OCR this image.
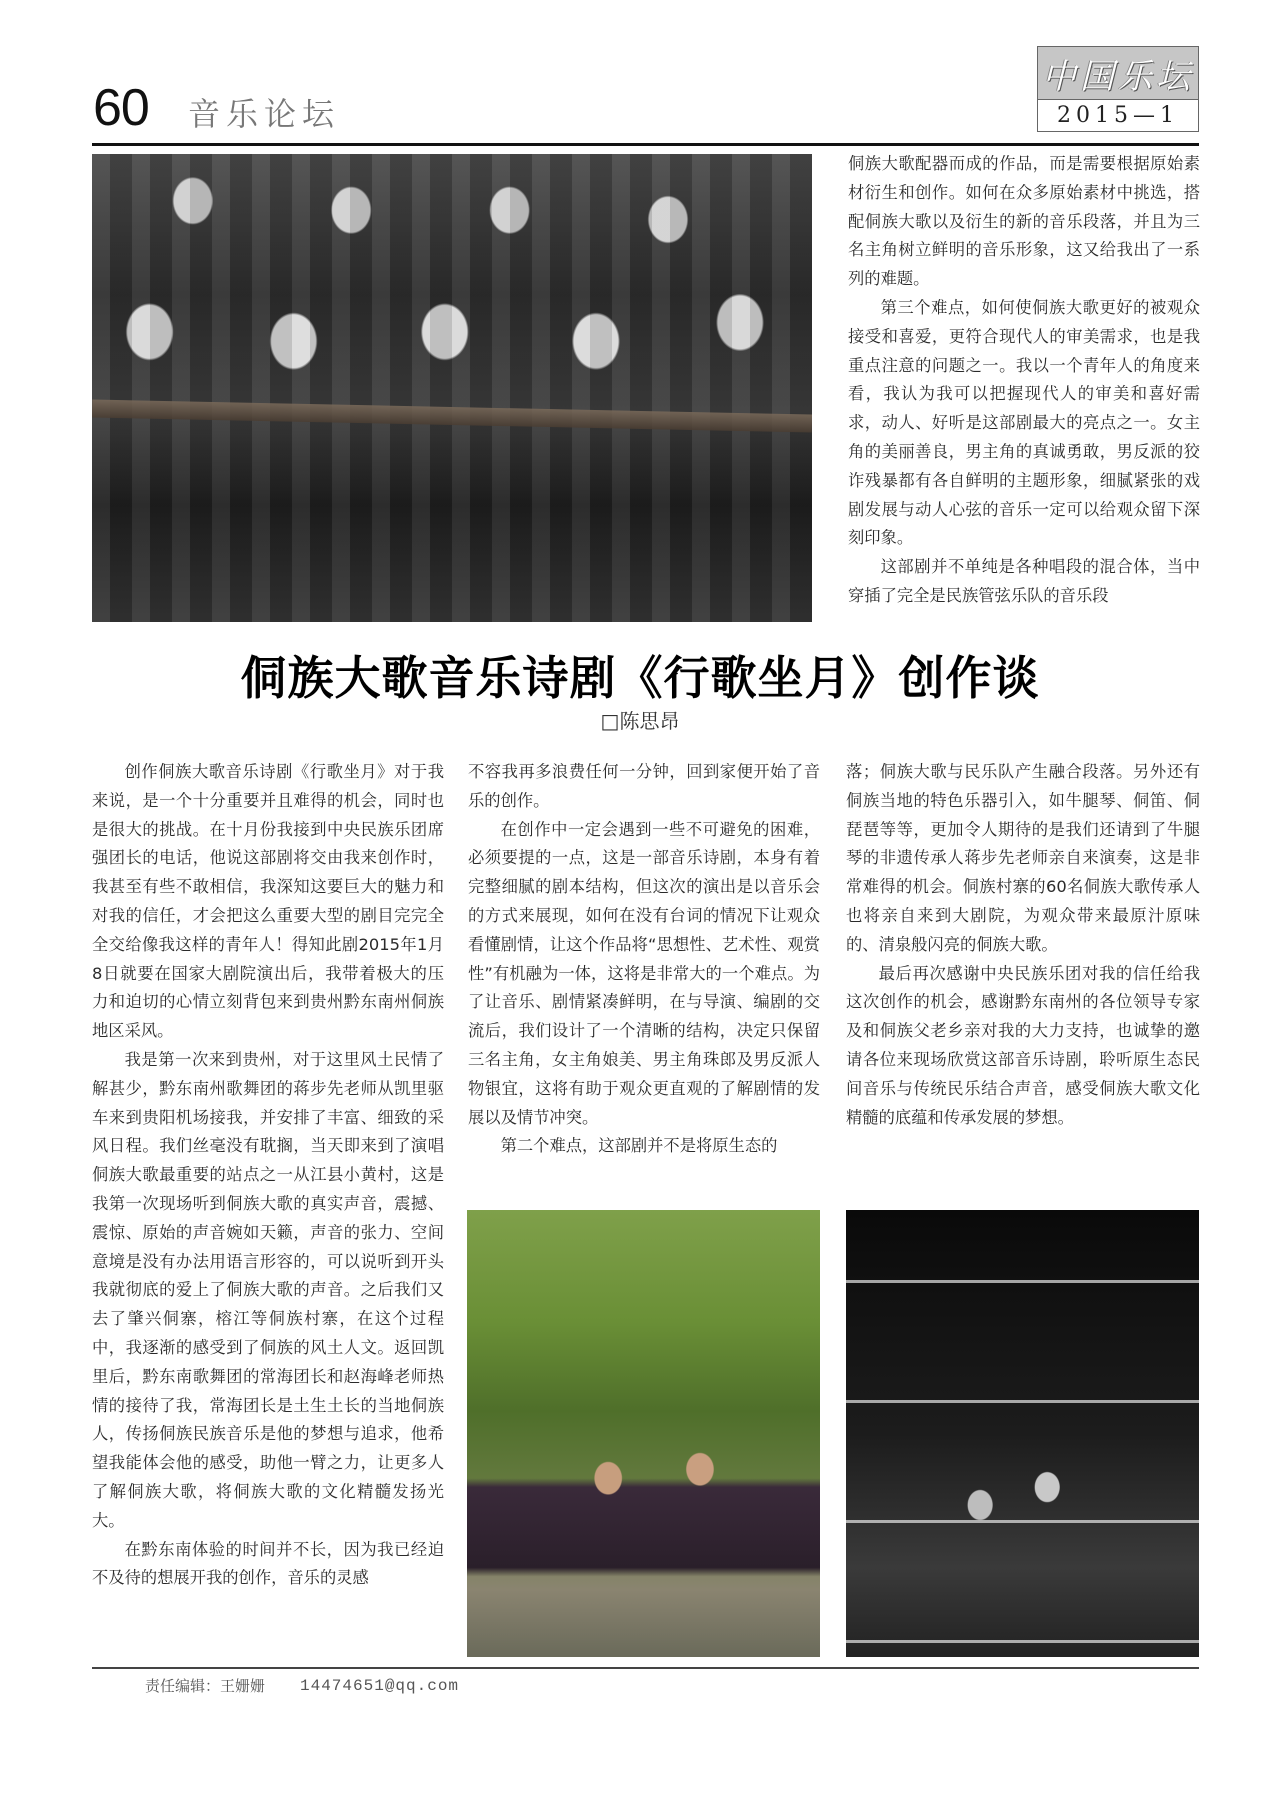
60 音乐论坛
中国乐坛
2015—1

侗族大歌配器而成的作品，而是需要根据原始素材衍生和创作。如何在众多原始素材中挑选，搭配侗族大歌以及衍生的新的音乐段落，并且为三名主角树立鲜明的音乐形象，这又给我出了一系列的难题。

第三个难点，如何使侗族大歌更好的被观众接受和喜爱，更符合现代人的审美需求，也是我重点注意的问题之一。我以一个青年人的角度来看，我认为我可以把握现代人的审美和喜好需求，动人、好听是这部剧最大的亮点之一。女主角的美丽善良，男主角的真诚勇敢，男反派的狡诈残暴都有各自鲜明的主题形象，细腻紧张的戏剧发展与动人心弦的音乐一定可以给观众留下深刻印象。

这部剧并不单纯是各种唱段的混合体，当中穿插了完全是民族管弦乐队的音乐段

侗族大歌音乐诗剧《行歌坐月》创作谈
□陈思昂

创作侗族大歌音乐诗剧《行歌坐月》对于我来说，是一个十分重要并且难得的机会，同时也是很大的挑战。在十月份我接到中央民族乐团席强团长的电话，他说这部剧将交由我来创作时，我甚至有些不敢相信，我深知这要巨大的魅力和对我的信任，才会把这么重要大型的剧目完完全全交给像我这样的青年人！得知此剧2015年1月8日就要在国家大剧院演出后，我带着极大的压力和迫切的心情立刻背包来到贵州黔东南州侗族地区采风。

我是第一次来到贵州，对于这里风土民情了解甚少，黔东南州歌舞团的蒋步先老师从凯里驱车来到贵阳机场接我，并安排了丰富、细致的采风日程。我们丝毫没有耽搁，当天即来到了演唱侗族大歌最重要的站点之一从江县小黄村，这是我第一次现场听到侗族大歌的真实声音，震撼、震惊、原始的声音婉如天籁，声音的张力、空间意境是没有办法用语言形容的，可以说听到开头我就彻底的爱上了侗族大歌的声音。之后我们又去了肇兴侗寨，榕江等侗族村寨，在这个过程中，我逐渐的感受到了侗族的风土人文。返回凯里后，黔东南歌舞团的常海团长和赵海峰老师热情的接待了我，常海团长是土生土长的当地侗族人，传扬侗族民族音乐是他的梦想与追求，他希望我能体会他的感受，助他一臂之力，让更多人了解侗族大歌，将侗族大歌的文化精髓发扬光大。

在黔东南体验的时间并不长，因为我已经迫不及待的想展开我的创作，音乐的灵感

不容我再多浪费任何一分钟，回到家便开始了音乐的创作。

在创作中一定会遇到一些不可避免的困难，必须要提的一点，这是一部音乐诗剧，本身有着完整细腻的剧本结构，但这次的演出是以音乐会的方式来展现，如何在没有台词的情况下让观众看懂剧情，让这个作品将“思想性、艺术性、观赏性”有机融为一体，这将是非常大的一个难点。为了让音乐、剧情紧凑鲜明，在与导演、编剧的交流后，我们设计了一个清晰的结构，决定只保留三名主角，女主角娘美、男主角珠郎及男反派人物银宜，这将有助于观众更直观的了解剧情的发展以及情节冲突。

第二个难点，这部剧并不是将原生态的

落；侗族大歌与民乐队产生融合段落。另外还有侗族当地的特色乐器引入，如牛腿琴、侗笛、侗琵琶等等，更加令人期待的是我们还请到了牛腿琴的非遗传承人蒋步先老师亲自来演奏，这是非常难得的机会。侗族村寨的60名侗族大歌传承人也将亲自来到大剧院，为观众带来最原汁原味的、清泉般闪亮的侗族大歌。

最后再次感谢中央民族乐团对我的信任给我这次创作的机会，感谢黔东南州的各位领导专家及和侗族父老乡亲对我的大力支持，也诚挚的邀请各位来现场欣赏这部音乐诗剧，聆听原生态民间音乐与传统民乐结合声音，感受侗族大歌文化精髓的底蕴和传承发展的梦想。

责任编辑：王姗姗 14474651@qq.com
